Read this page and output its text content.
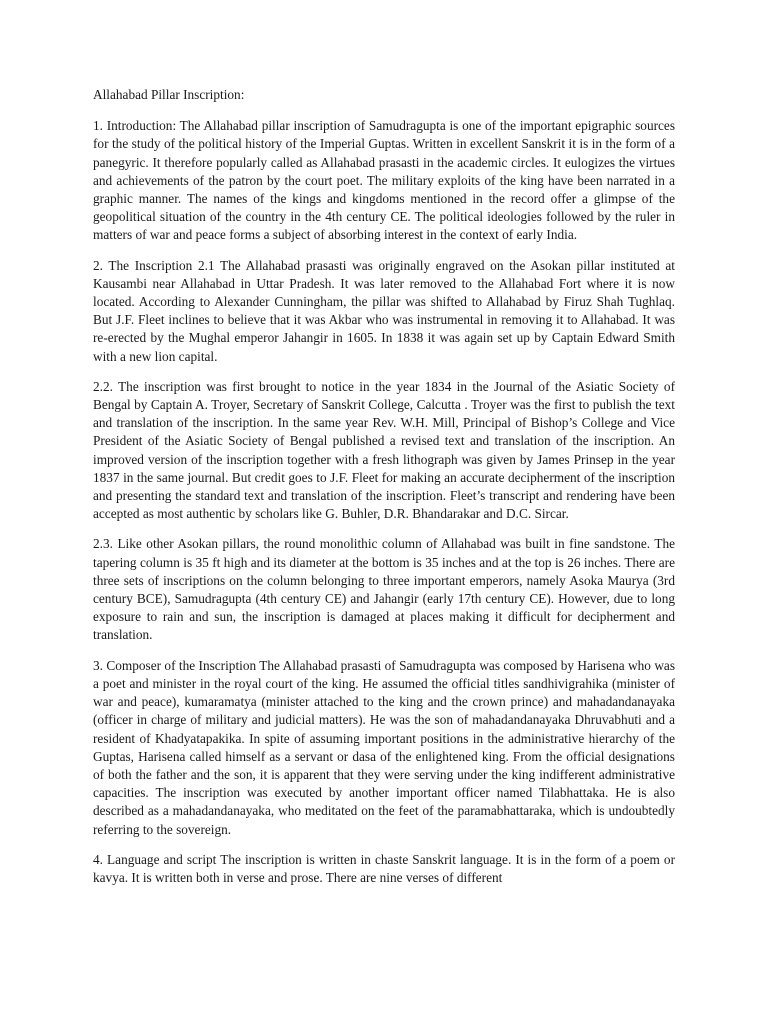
Allahabad Pillar Inscription:

1. Introduction: The Allahabad pillar inscription of Samudragupta is one of the important epigraphic sources for the study of the political history of the Imperial Guptas. Written in excellent Sanskrit it is in the form of a panegyric. It therefore popularly called as Allahabad prasasti in the academic circles. It eulogizes the virtues and achievements of the patron by the court poet. The military exploits of the king have been narrated in a graphic manner. The names of the kings and kingdoms mentioned in the record offer a glimpse of the geopolitical situation of the country in the 4th century CE. The political ideologies followed by the ruler in matters of war and peace forms a subject of absorbing interest in the context of early India.

2. The Inscription 2.1 The Allahabad prasasti was originally engraved on the Asokan pillar instituted at Kausambi near Allahabad in Uttar Pradesh. It was later removed to the Allahabad Fort where it is now located. According to Alexander Cunningham, the pillar was shifted to Allahabad by Firuz Shah Tughlaq. But J.F. Fleet inclines to believe that it was Akbar who was instrumental in removing it to Allahabad. It was re-erected by the Mughal emperor Jahangir in 1605. In 1838 it was again set up by Captain Edward Smith with a new lion capital.

2.2. The inscription was first brought to notice in the year 1834 in the Journal of the Asiatic Society of Bengal by Captain A. Troyer, Secretary of Sanskrit College, Calcutta . Troyer was the first to publish the text and translation of the inscription. In the same year Rev. W.H. Mill, Principal of Bishop’s College and Vice President of the Asiatic Society of Bengal published a revised text and translation of the inscription. An improved version of the inscription together with a fresh lithograph was given by James Prinsep in the year 1837 in the same journal. But credit goes to J.F. Fleet for making an accurate decipherment of the inscription and presenting the standard text and translation of the inscription. Fleet’s transcript and rendering have been accepted as most authentic by scholars like G. Buhler, D.R. Bhandarakar and D.C. Sircar.

2.3. Like other Asokan pillars, the round monolithic column of Allahabad was built in fine sandstone. The tapering column is 35 ft high and its diameter at the bottom is 35 inches and at the top is 26 inches. There are three sets of inscriptions on the column belonging to three important emperors, namely Asoka Maurya (3rd century BCE), Samudragupta (4th century CE) and Jahangir (early 17th century CE). However, due to long exposure to rain and sun, the inscription is damaged at places making it difficult for decipherment and translation.

3. Composer of the Inscription The Allahabad prasasti of Samudragupta was composed by Harisena who was a poet and minister in the royal court of the king. He assumed the official titles sandhivigrahika (minister of war and peace), kumaramatya (minister attached to the king and the crown prince) and mahadandanayaka (officer in charge of military and judicial matters). He was the son of mahadandanayaka Dhruvabhuti and a resident of Khadyatapakika. In spite of assuming important positions in the administrative hierarchy of the Guptas, Harisena called himself as a servant or dasa of the enlightened king. From the official designations of both the father and the son, it is apparent that they were serving under the king indifferent administrative capacities. The inscription was executed by another important officer named Tilabhattaka. He is also described as a mahadandanayaka, who meditated on the feet of the paramabhattaraka, which is undoubtedly referring to the sovereign.

4. Language and script The inscription is written in chaste Sanskrit language. It is in the form of a poem or kavya. It is written both in verse and prose. There are nine verses of different
